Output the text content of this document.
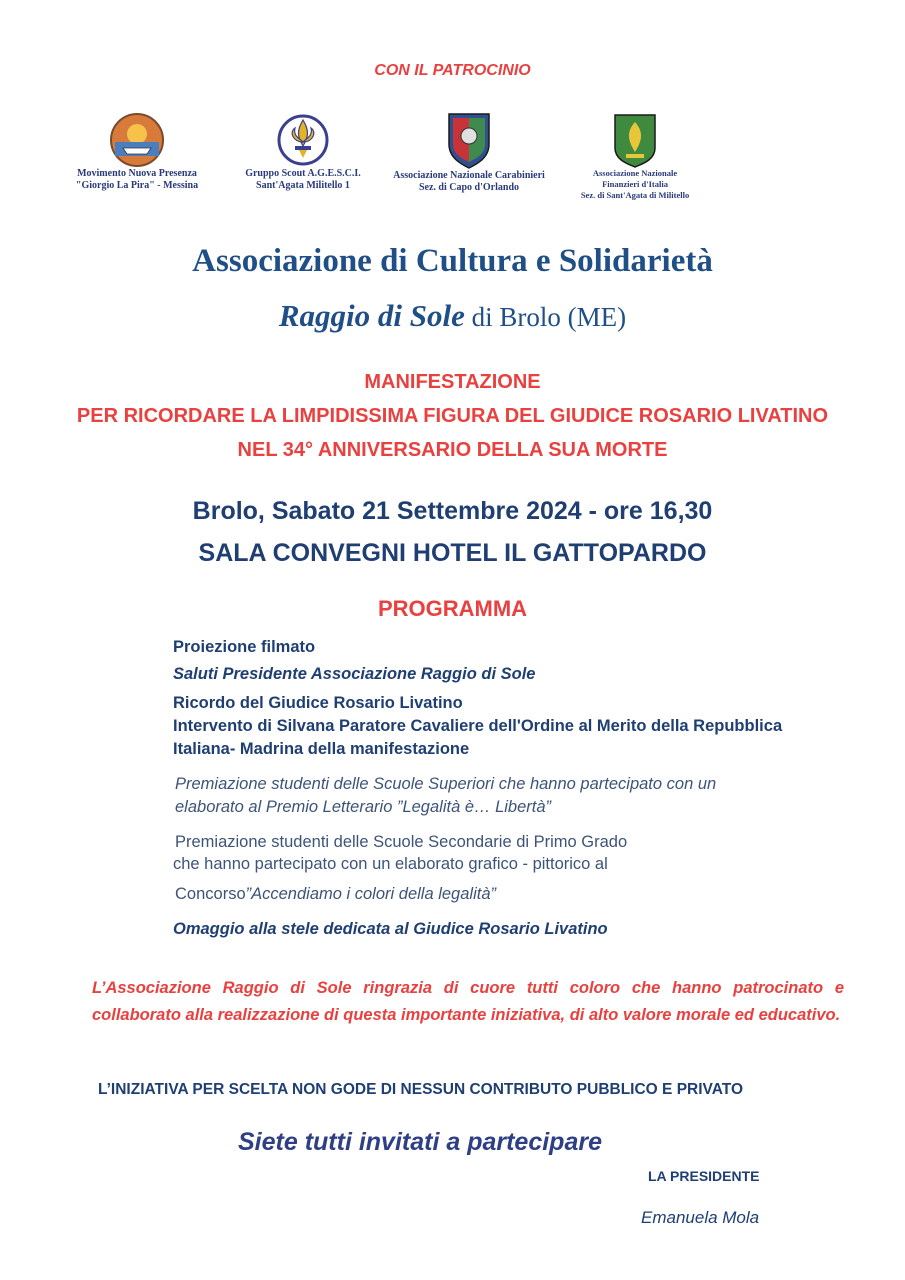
CON IL PATROCINIO
Movimento Nuova Presenza
"Giorgio La Pira" - Messina
Gruppo Scout A.G.E.S.C.I.
Sant'Agata Militello 1
Associazione Nazionale Carabinieri
Sez. di Capo d'Orlando
Associazione Nazionale
Finanzieri d'Italia
Sez. di Sant'Agata di Militello
Associazione di Cultura e Solidarietà
Raggio di Sole di Brolo (ME)
MANIFESTAZIONE
PER RICORDARE LA LIMPIDISSIMA FIGURA DEL GIUDICE ROSARIO LIVATINO
NEL 34° ANNIVERSARIO DELLA SUA MORTE
Brolo, Sabato 21 Settembre 2024 - ore 16,30
SALA CONVEGNI HOTEL IL GATTOPARDO
PROGRAMMA
Proiezione filmato
Saluti Presidente Associazione Raggio di Sole
Ricordo del Giudice Rosario Livatino
Intervento di Silvana Paratore Cavaliere dell'Ordine al Merito della Repubblica
Italiana- Madrina della manifestazione
Premiazione studenti delle Scuole Superiori che hanno partecipato con un
elaborato al Premio Letterario ”Legalità è… Libertà”
Premiazione studenti delle Scuole Secondarie di Primo Grado
che hanno partecipato con un elaborato grafico - pittorico al
Concorso”Accendiamo i colori della legalità”
Omaggio alla stele dedicata al Giudice Rosario Livatino
L’Associazione Raggio di Sole ringrazia di cuore tutti coloro che hanno patrocinato e collaborato alla realizzazione di questa importante iniziativa, di alto valore morale ed educativo.
L’INIZIATIVA PER SCELTA NON GODE DI NESSUN CONTRIBUTO PUBBLICO E PRIVATO
Siete tutti invitati a partecipare
LA PRESIDENTE
Emanuela Mola
